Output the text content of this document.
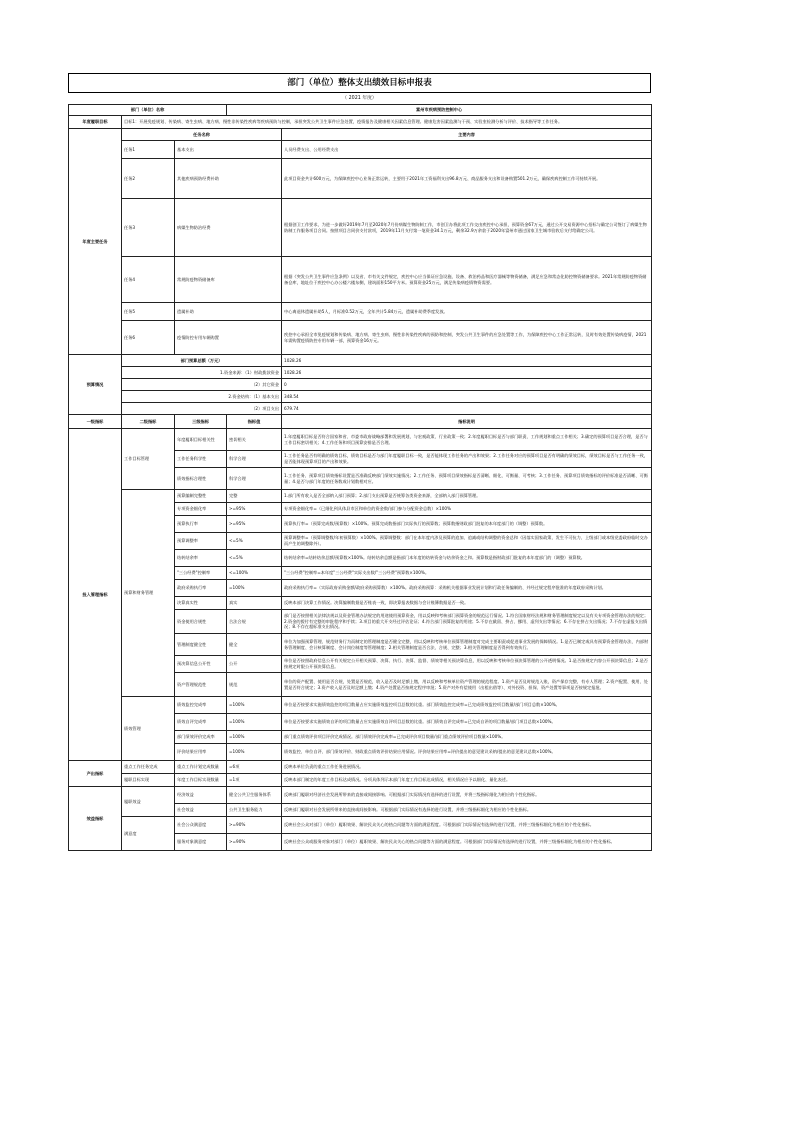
部门（单位）整体支出绩效目标申报表
（ 2021 年度）
部门（单位）名称			富州市疾病预防控制中心	
年度履职目标	目标1：开展免疫规划、传染病、寄生虫病、地方病、慢性非传染性疾病等疾病预防与控制，承担突发公共卫生事件应急处置，疫情报告及健康相关因素信息管理。健康危害因素监测与干预、实验室检测分析与评价、技术指导等工作任务。			
年度主要任务	任务名称			主要内容
	任务1	基本支出		人员经费支出、公用经费支出
	任务2	其他疾病预防经费补助		此项目资金共计600万元，为保障疾控中心业务正常运转，主要用于2021年工资福利支出96.8万元、商品服务支出和设备购置501.2万元，确保疾病控制工作可持续开展。
	任务3	病媒生物防治经费		根据创卫工作要求，为进一步做好2019年7月至2020年7月份病媒生物防制工作，市创卫办将此项工作交由疾控中心承担，预算资金67万元，通过公开交易资源中心招标与确定公司签订了病媒生物防制工作服务项目合同。按照项目合同价支付款项，2019年11月支付第一笔资金34.1万元，剩余32.9万余款于2020年富州市通过国家卫生城市验收后支付给确定公司。
	任务4	常规防疫物资储备库		根据《突发公共卫生事件应急条例》以及省、市有关文件规定，疾控中心应当保证应急设施、设备、救治药品和医疗器械等物资储备，满足应急和常态化防控物资储备要求。2021年常规防疫物资储备仓库，地址位于疾控中心办公楼六楼东侧，建筑面积150平方米。预算资金25万元，满足传染病疫情物资需要。
	任务5	遗属补助		中心离退休遗属补助5人，月标准0.52万元，全年共计5.84万元，遗属补助费季度发放。
	任务6	疫情防控专用车辆购置		疾控中心承担全市免疫规划和传染病、地方病、寄生虫病、慢性非传染性疾病的预防和控制，突发公共卫生事件的应急处置等工作，为保障疾控中心工作正常运转，及时有效处置传染病疫情，2021年需购置疫情防控专用车辆一部，预算资金16万元。
预算情况	部门预算总额（万元）			1028.26
	1.资金来源：（1）财政拨款资金			1028.26
	（2）其它资金			0
	2.资金结构：（1）基本支出			348.54
	（2）项目支出			679.74
一级指标	二级指标	三级指标	指标值	指标说明
投入管理指标	工作目标管理	年度履职目标相关性	密切相关	1.年度履职目标是否符合国家和省、市委市政府战略部署和发展规划，与宏观政策、行业政策一致；2.年度履职目标是否与部门职责、工作规划和重点工作相关；3.确定的预算项目是否合理，是否与工作目标密切相关；4.工作任务和项目预算安排是否合理。
		工作任务科学性	科学合理	1.工作任务是否有明确的绩效目标，绩效目标是否与部门年度履职目标一致，是否能体现工作任务的产出和效果；2.工作任务对应的预算项目是否有明确的绩效目标，绩效目标是否与工作任务一致，是否能体现预算项目的产出和效果。
		绩效指标合理性	科学合理	1.工作任务、预算项目绩效指标设置是否准确反映部门绩效实施情况；2.工作任务、预算项目绩效指标是否清晰、细化、可衡量、可考核；3.工作任务、预算项目绩效指标的评价标准是否清晰、可衡量；4.是否与部门年度的任务数或计划数相对应。
	预算和财务管理	预算编制完整性	完整	1.部门所有收入是否全部纳入部门预算；2.部门支出预算是否统筹各类资金来源，全部纳入部门预算管理。
		专项资金细化率	>=95%	专项资金细化率=（已细化到具体县市区和单位的资金数/部门参与分配资金总数）×100%
		预算执行率	>=95%	预算执行率=（预算完成数/预算数）×100%。预算完成数指部门实际执行的预算数；预算数指财政部门批复的本年度部门的（调整）预算数。
		预算调整率	<=5%	预算调整率=（预算调整数/年初预算数）×100%。预算调整数：部门在本年度内涉及预算的追加、追减或结构调整的资金总和（因落实国家政策、发生不可抗力、上级部门或本级党委政府临时交办而产生的调整除外）。
		结转结余率	<=5%	结转结余率=结转结余总额/预算数×100%。结转结余总额是指部门本年度的结转资金与结余资金之和。预算数是指财政部门批复的本年度部门的（调整）预算数。
		"三公经费"控制率	<=100%	"三公经费"控制率=本年度"三公经费"实际支出数/"三公经费"预算数×100%。
		政府采购执行率	=100%	政府采购执行率=（实际政府采购金额/政府采购预算数）×100%。政府采购预算：采购机关根据事业发展计划和行政任务编制的、并经过规定程序批准的年度政府采购计划。
		决算真实性	真实	反映本部门决算工作情况。决算编制数据是否账表一致，即决算报表数据与会计账簿数据是否一致。
		资金使用合规性	合法合规	部门是否按照相关法律法规以及资金管理办法规定的用途使用预算资金，用以反映和考核部门预算资金的规范运行情况。1.符合国家财经法规和财务管理制度规定以及有关专项资金管理办法的规定；2.资金的拨付有完整的审批程序和手续；3.项目的重大开支经过评估论证；4.符合部门预算批复的用途；5.不存在截留、挤占、挪用、虚列支出等情况；6.不存在挤占支出情况；7.不存在虚报支出情况；8.不存在超标准支出情况。
		管理制度健全性	健全	单位为加强预算管理、规范财务行为而制定的管理制度是否健全完整，用以反映和考核单位预算管理制度对完成主要职责或促进事业发展的保障情况。1.是否已制定或具有预算资金管理办法、内部财务管理制度、会计核算制度、会计岗位制度等管理制度；2.相关管理制度是否合法、合规、完整；3.相关管理制度是否得到有效执行。
		预决算信息公开性	公开	单位是否按照政府信息公开有关规定公开相关预算、决算、执行、决算、监督、绩效等相关预决算信息，用以反映和考核单位预决算管理的公开透明情况。1.是否按规定内容公开预决算信息；2.是否按规定时限公开预决算信息。
		资产管理规范性	规范	单位的资产配置、使用是否合规，处置是否规范，收入是否及时足额上缴，用以反映和考核单位资产管理的规范程度。1.资产是否及时规范入账，资产保存完整，有专人管理；2.资产配置、使用、处置是否符合规定；3.资产收入是否及时足额上缴；4.资产处置是否按规定程序审批；5.资产对外有偿使用（出租出借等）、对外投资、担保、资产处置等事项是否按规定报批。
	绩效管理	绩效监控完成率	=100%	单位是否按要求实施绩效监控的项目数量占应实施绩效监控项目总数的比重。部门绩效监控完成率=已完成绩效监控项目数量/部门项目总数×100%。
		绩效自评完成率	=100%	单位是否按要求实施绩效自评的项目数量占应实施绩效自评项目总数的比重。部门绩效自评完成率=已完成自评的项目数量/部门项目总数×100%。
		部门绩效评价完成率	=100%	部门重点绩效评价项目评价完成情况。部门绩效评价完成率=已完成评价项目数量/部门重点绩效评价项目数量×100%。
		评价结果应用率	=100%	绩效监控、单位自评、部门绩效评价、财政重点绩效评价结果应用情况。评价结果应用率=评价提出的意见建议采纳/提出的意见建议总数×100%。
产出指标	重点工作任务完成	重点工作计划完成数量	=6项	反映本单位负责的重点工作任务进展情况。
	履职目标实现	年度工作目标实现数量	=1项	反映本部门制定的年度工作目标达成情况。分项具体列示本部门年度工作目标达成情况，相关情况应予以细化、量化表述。
效益指标	履职效益	经济效益	健全公共卫生服务体系	反映部门履职对经济社会发展所带来的直接或间接影响。可根据部门实际情况有选择的进行设置，并将三级指标细化为相应的个性化指标。
		社会效益	公共卫生服务能力	反映部门履职对社会发展所带来的直接或间接影响。可根据部门实际情况有选择的进行设置，并将三级指标细化为相应的个性化指标。
	满意度	社会公众满意度	>=90%	反映社会公众对部门（单位）履职效果、解决民众关心的热点问题等方面的满意程度。可根据部门实际情况有选择的进行设置，并将三级指标细化为相应的个性化指标。
		服务对象满意度	>=90%	反映社会公众或服务对象对部门（单位）履职效果、解决民众关心的热点问题等方面的满意程度。可根据部门实际情况有选择的进行设置，并将三级指标细化为相应的个性化指标。
